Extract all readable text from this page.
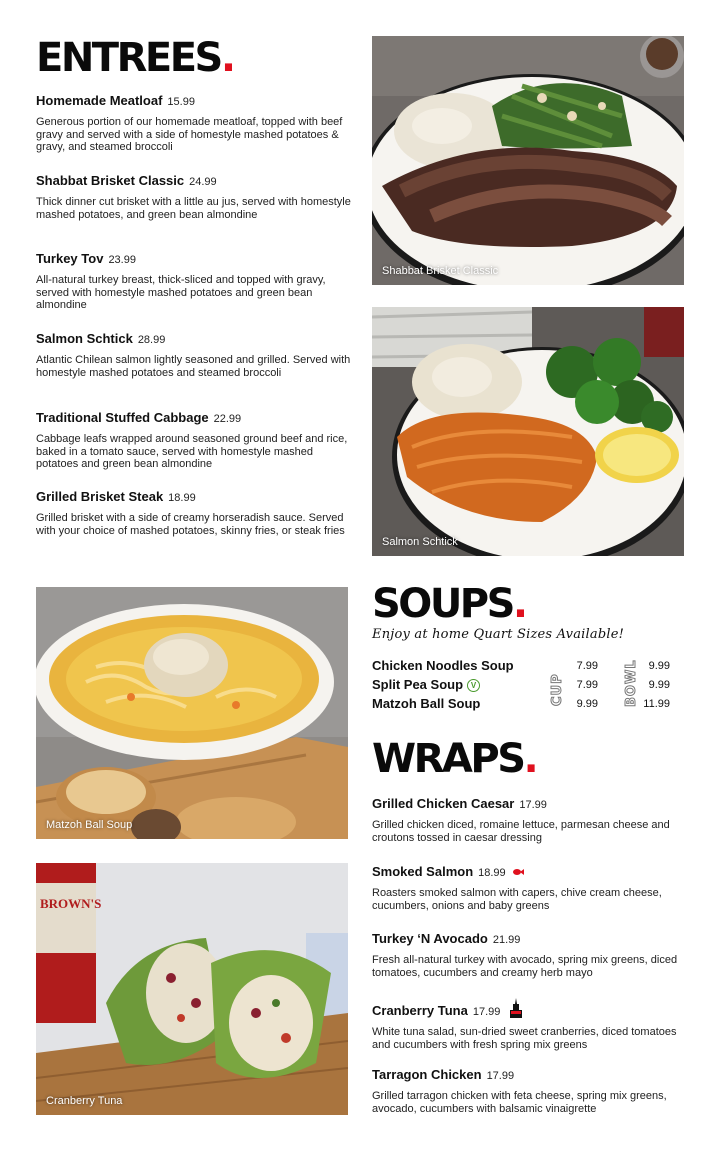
ENTREES.
Homemade Meatloaf 15.99
Generous portion of our homemade meatloaf, topped with beef gravy and served with a side of homestyle mashed potatoes & gravy, and steamed broccoli
Shabbat Brisket Classic 24.99
Thick dinner cut brisket with a little au jus, served with homestyle mashed potatoes, and green bean almondine
Turkey Tov 23.99
All-natural turkey breast, thick-sliced and topped with gravy, served with homestyle mashed potatoes and green bean almondine
Salmon Schtick 28.99
Atlantic Chilean salmon lightly seasoned and grilled. Served with homestyle mashed potatoes and steamed broccoli
Traditional Stuffed Cabbage 22.99
Cabbage leafs wrapped around seasoned ground beef and rice, baked in a tomato sauce, served with homestyle mashed potatoes and green bean almondine
Grilled Brisket Steak 18.99
Grilled brisket with a side of creamy horseradish sauce. Served with your choice of mashed potatoes, skinny fries, or steak fries
Shabbat Brisket Classic
Salmon Schtick
Matzoh Ball Soup
BROWN'S
Cranberry Tuna
SOUPS.
Enjoy at home Quart Sizes Available!
Chicken Noodles Soup	7.99	9.99
Split Pea Soup V	7.99	9.99
Matzoh Ball Soup	9.99	11.99
CUP	BOWL
WRAPS.
Grilled Chicken Caesar 17.99
Grilled chicken diced, romaine lettuce, parmesan cheese and croutons tossed in caesar dressing
Smoked Salmon 18.99
Roasters smoked salmon with capers, chive cream cheese, cucumbers, onions and baby greens
Turkey ‘N Avocado 21.99
Fresh all-natural turkey with avocado, spring mix greens, diced tomatoes, cucumbers and creamy herb mayo
Cranberry Tuna 17.99
White tuna salad, sun-dried sweet cranberries, diced tomatoes and cucumbers with fresh spring mix greens
Tarragon Chicken 17.99
Grilled tarragon chicken with feta cheese, spring mix greens, avocado, cucumbers with balsamic vinaigrette
